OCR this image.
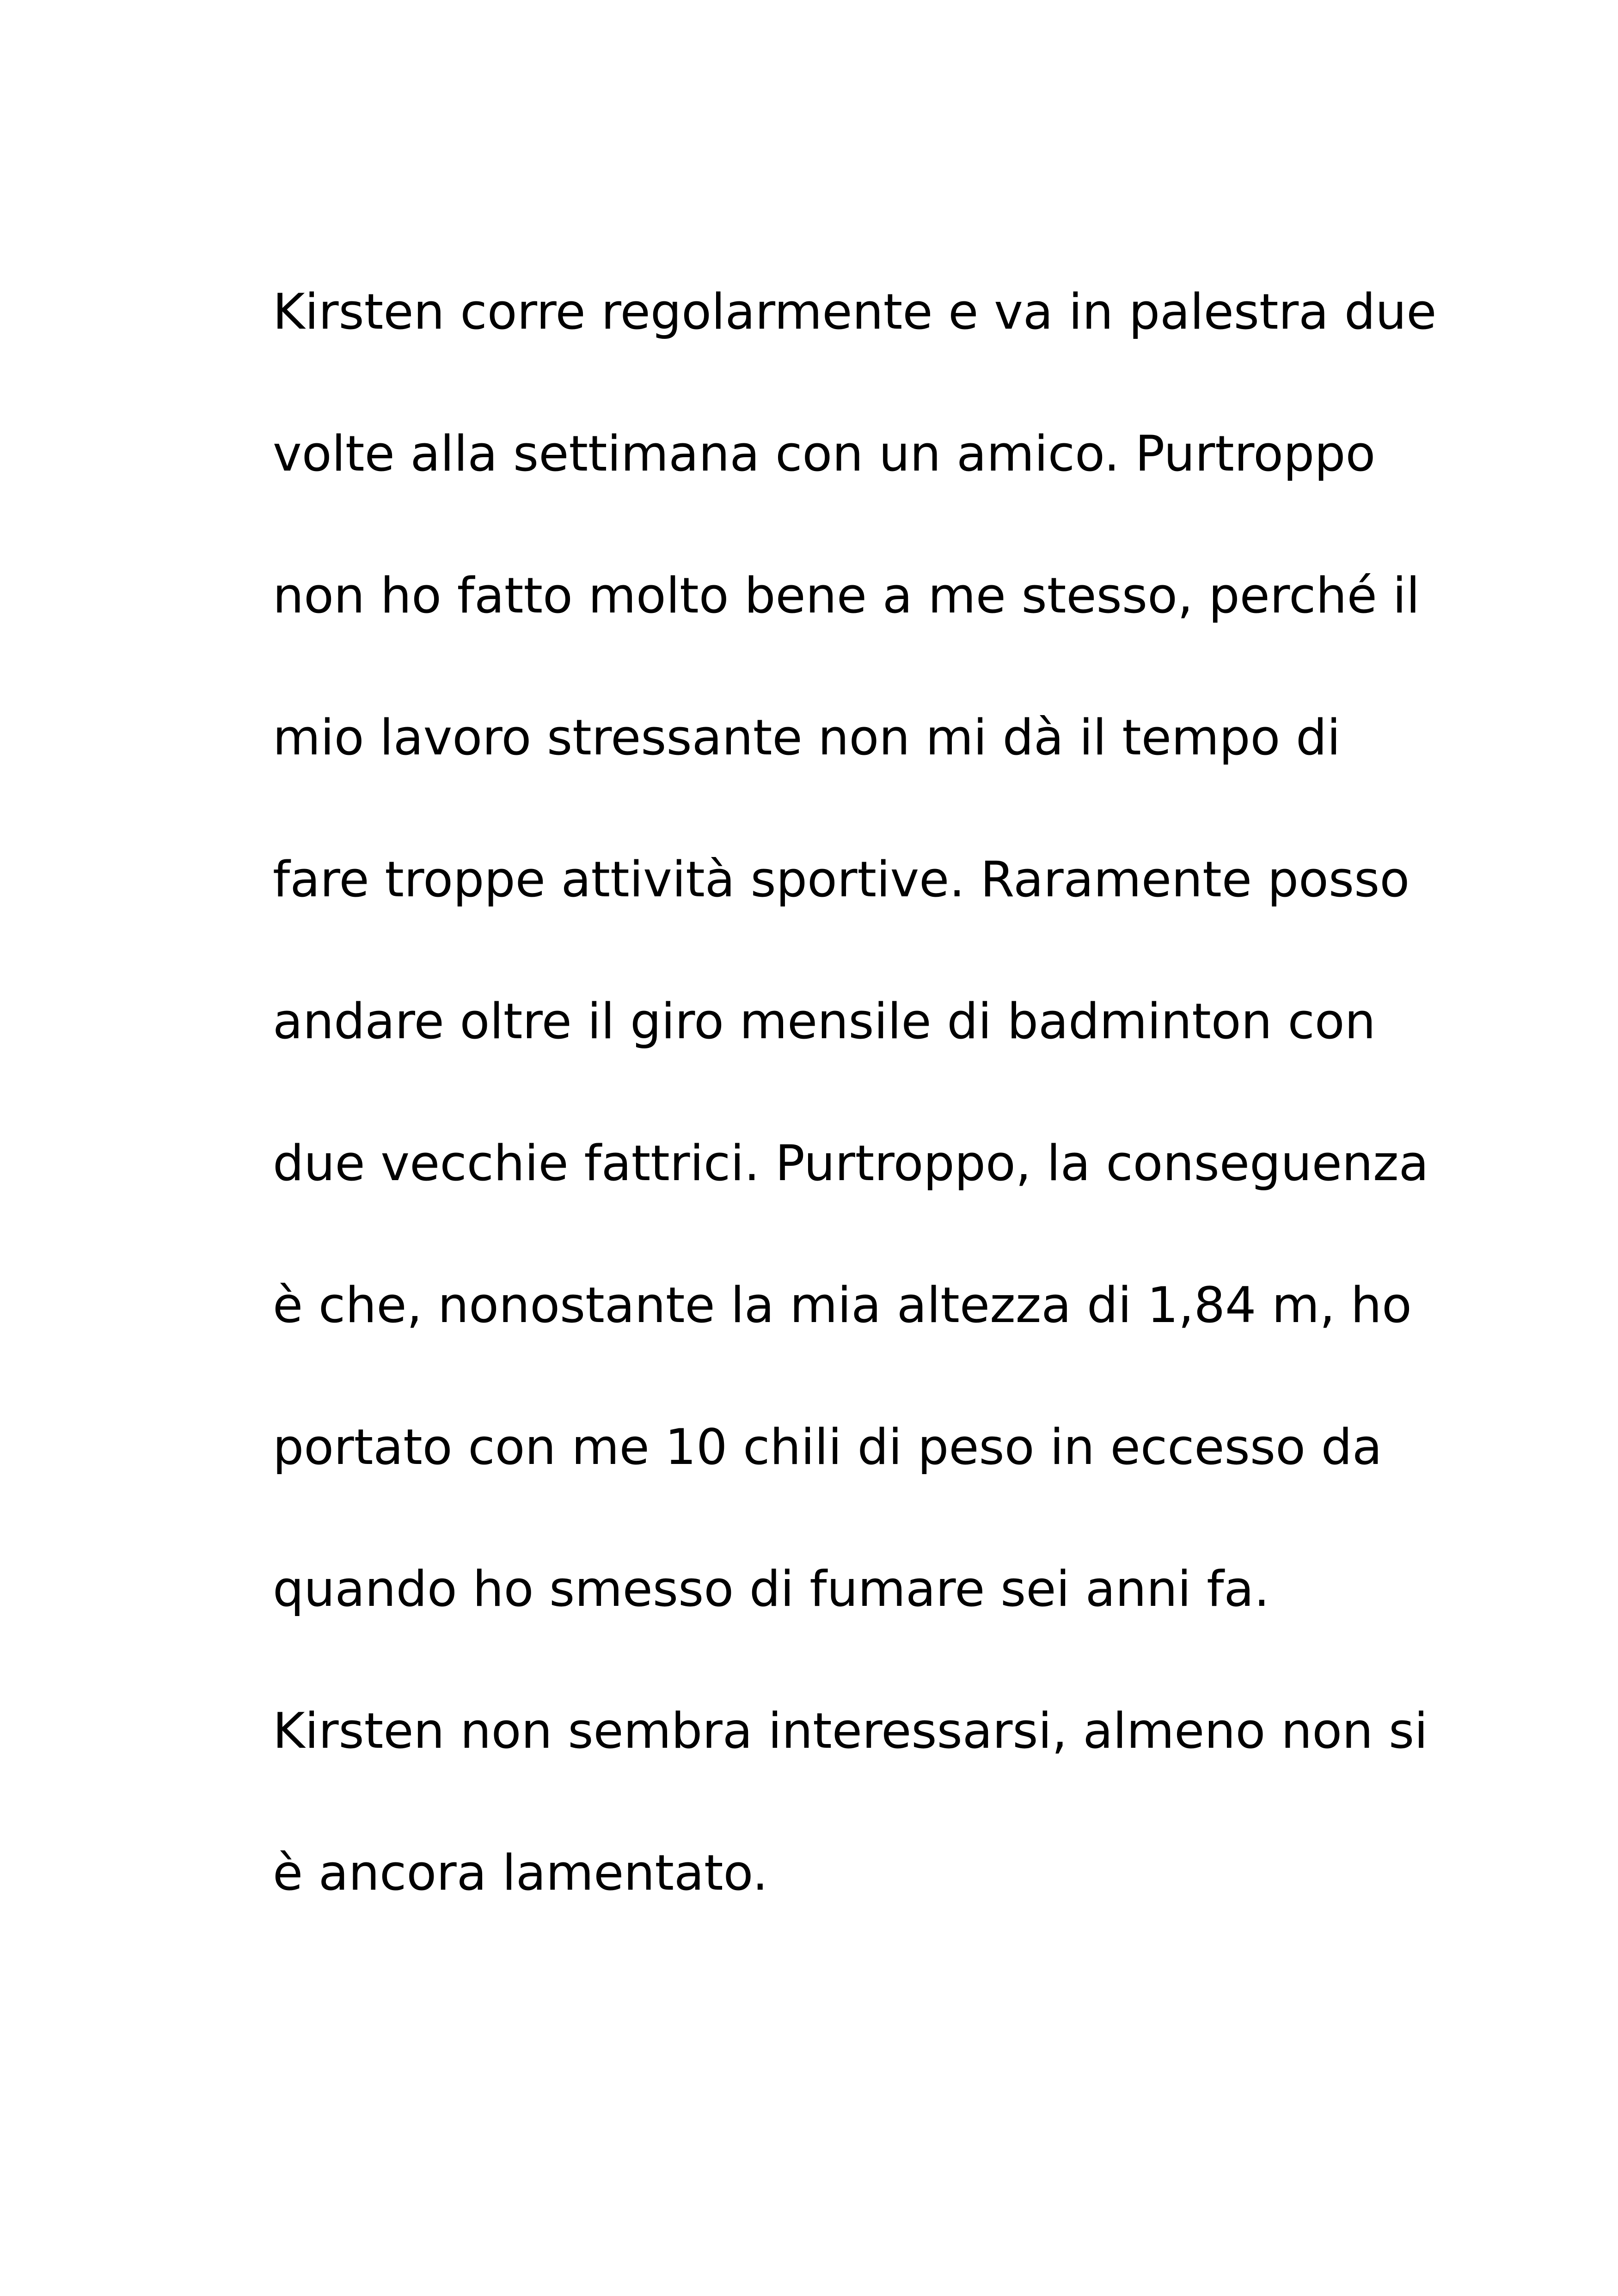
Kirsten corre regolarmente e va in palestra due
volte alla settimana con un amico. Purtroppo
non ho fatto molto bene a me stesso, perché il
mio lavoro stressante non mi dà il tempo di
fare troppe attività sportive. Raramente posso
andare oltre il giro mensile di badminton con
due vecchie fattrici. Purtroppo, la conseguenza
è che, nonostante la mia altezza di 1,84 m, ho
portato con me 10 chili di peso in eccesso da
quando ho smesso di fumare sei anni fa.
Kirsten non sembra interessarsi, almeno non si
è ancora lamentato.
